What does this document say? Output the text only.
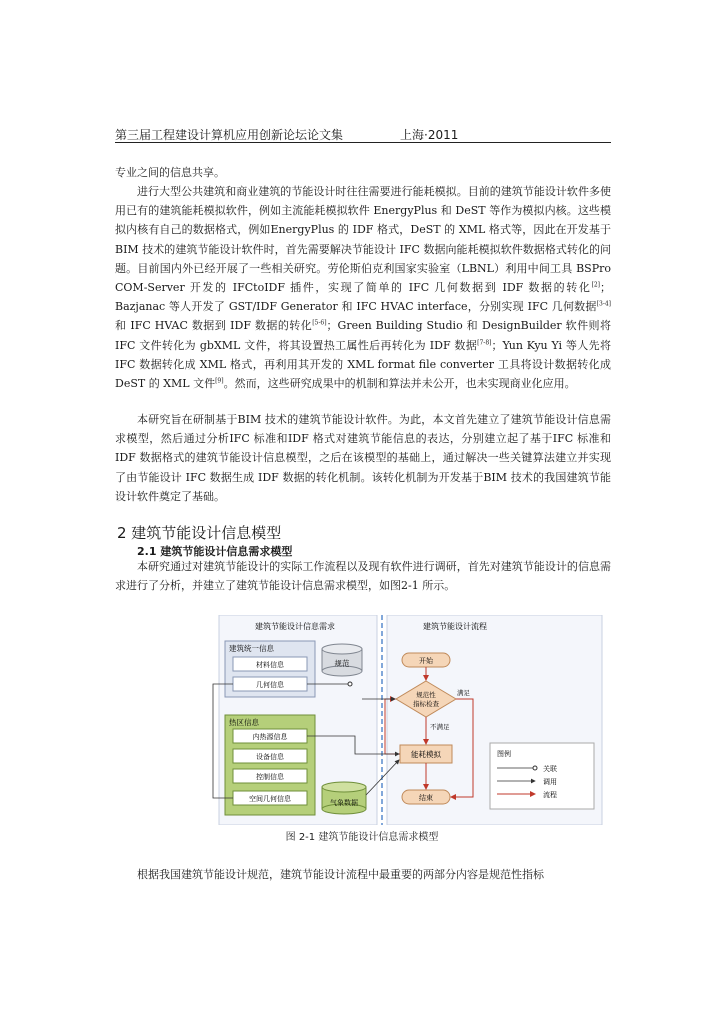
第三届工程建设计算机应用创新论坛论文集	上海·2011

专业之间的信息共享。

进行大型公共建筑和商业建筑的节能设计时往往需要进行能耗模拟。目前的建筑节能设计软件多使用已有的建筑能耗模拟软件，例如主流能耗模拟软件 EnergyPlus 和 DeST 等作为模拟内核。这些模拟内核有自己的数据格式，例如EnergyPlus 的 IDF 格式，DeST 的 XML 格式等，因此在开发基于 BIM 技术的建筑节能设计软件时，首先需要解决节能设计 IFC 数据向能耗模拟软件数据格式转化的问题。目前国内外已经开展了一些相关研究。劳伦斯伯克利国家实验室（LBNL）利用中间工具 BSPro COM-Server 开发的 IFCtoIDF 插件，实现了简单的 IFC 几何数据到 IDF 数据的转化[2]；Bazjanac 等人开发了 GST/IDF Generator 和 IFC HVAC interface，分别实现 IFC 几何数据[3-4]和 IFC HVAC 数据到 IDF 数据的转化[5-6]；Green Building Studio 和 DesignBuilder 软件则将 IFC 文件转化为 gbXML 文件，将其设置热工属性后再转化为 IDF 数据[7-8]；Yun Kyu Yi 等人先将 IFC 数据转化成 XML 格式，再利用其开发的 XML format file converter 工具将设计数据转化成 DeST 的 XML 文件[9]。然而，这些研究成果中的机制和算法并未公开，也未实现商业化应用。

本研究旨在研制基于BIM 技术的建筑节能设计软件。为此，本文首先建立了建筑节能设计信息需求模型，然后通过分析IFC 标准和IDF 格式对建筑节能信息的表达，分别建立起了基于IFC 标准和IDF 数据格式的建筑节能设计信息模型，之后在该模型的基础上，通过解决一些关键算法建立并实现了由节能设计 IFC 数据生成 IDF 数据的转化机制。该转化机制为开发基于BIM 技术的我国建筑节能设计软件奠定了基础。

2 建筑节能设计信息模型
2.1 建筑节能设计信息需求模型

本研究通过对建筑节能设计的实际工作流程以及现有软件进行调研，首先对建筑节能设计的信息需求进行了分析，并建立了建筑节能设计信息需求模型，如图2-1 所示。

建筑节能设计信息需求	建筑节能设计流程
建筑统一信息
材料信息
几何信息
规范
热区信息
内热源信息
设备信息
控制信息
空间几何信息	气象数据
开始
规范性
指标检查
能耗模拟
结束
满足
不满足
图例
关联
调用
流程
图 2-1 建筑节能设计信息需求模型

根据我国建筑节能设计规范，建筑节能设计流程中最重要的两部分内容是规范性指标
